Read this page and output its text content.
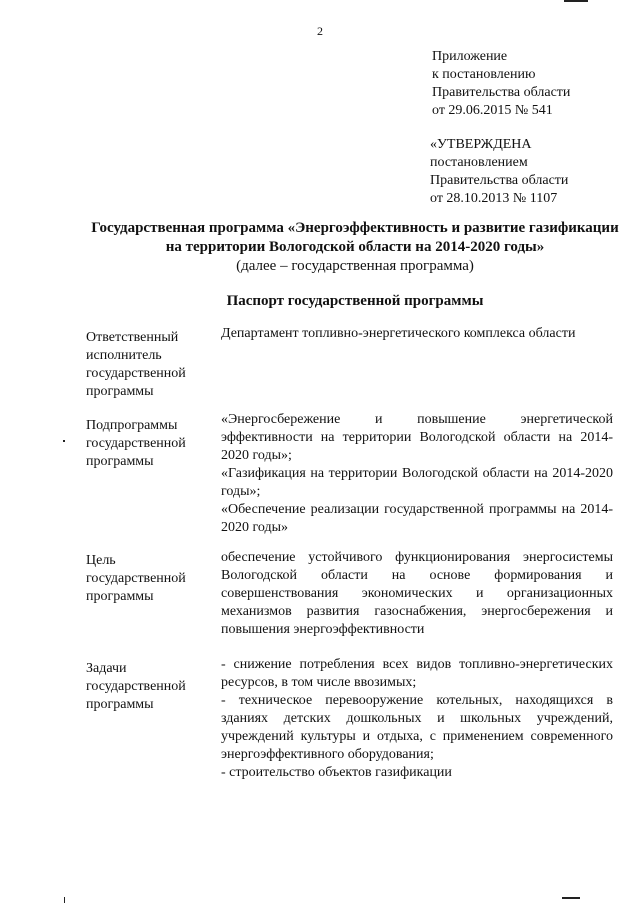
2
Приложение
к постановлению
Правительства области
от 29.06.2015 № 541
«УТВЕРЖДЕНА
постановлением
Правительства области
от 28.10.2013 № 1107
Государственная программа «Энергоэффективность и развитие газификации
на территории Вологодской области на 2014-2020 годы»
(далее – государственная программа)
Паспорт государственной программы
Ответственный исполнитель государственной программы
Департамент топливно-энергетического комплекса области
Подпрограммы государственной программы
«Энергосбережение и повышение энергетической эффективности на территории Вологодской области на 2014-2020 годы»;
«Газификация на территории Вологодской области на 2014-2020 годы»;
«Обеспечение реализации государственной программы на 2014-2020 годы»
Цель государственной программы
обеспечение устойчивого функционирования энергосистемы Вологодской области на основе формирования и совершенствования экономических и организационных механизмов развития газоснабжения, энергосбережения и повышения энергоэффективности
Задачи государственной программы
- снижение потребления всех видов топливно-энергетических ресурсов, в том числе ввозимых;
- техническое перевооружение котельных, находящихся в зданиях детских дошкольных и школьных учреждений, учреждений культуры и отдыха, с применением современного энергоэффективного оборудования;
- строительство объектов газификации
